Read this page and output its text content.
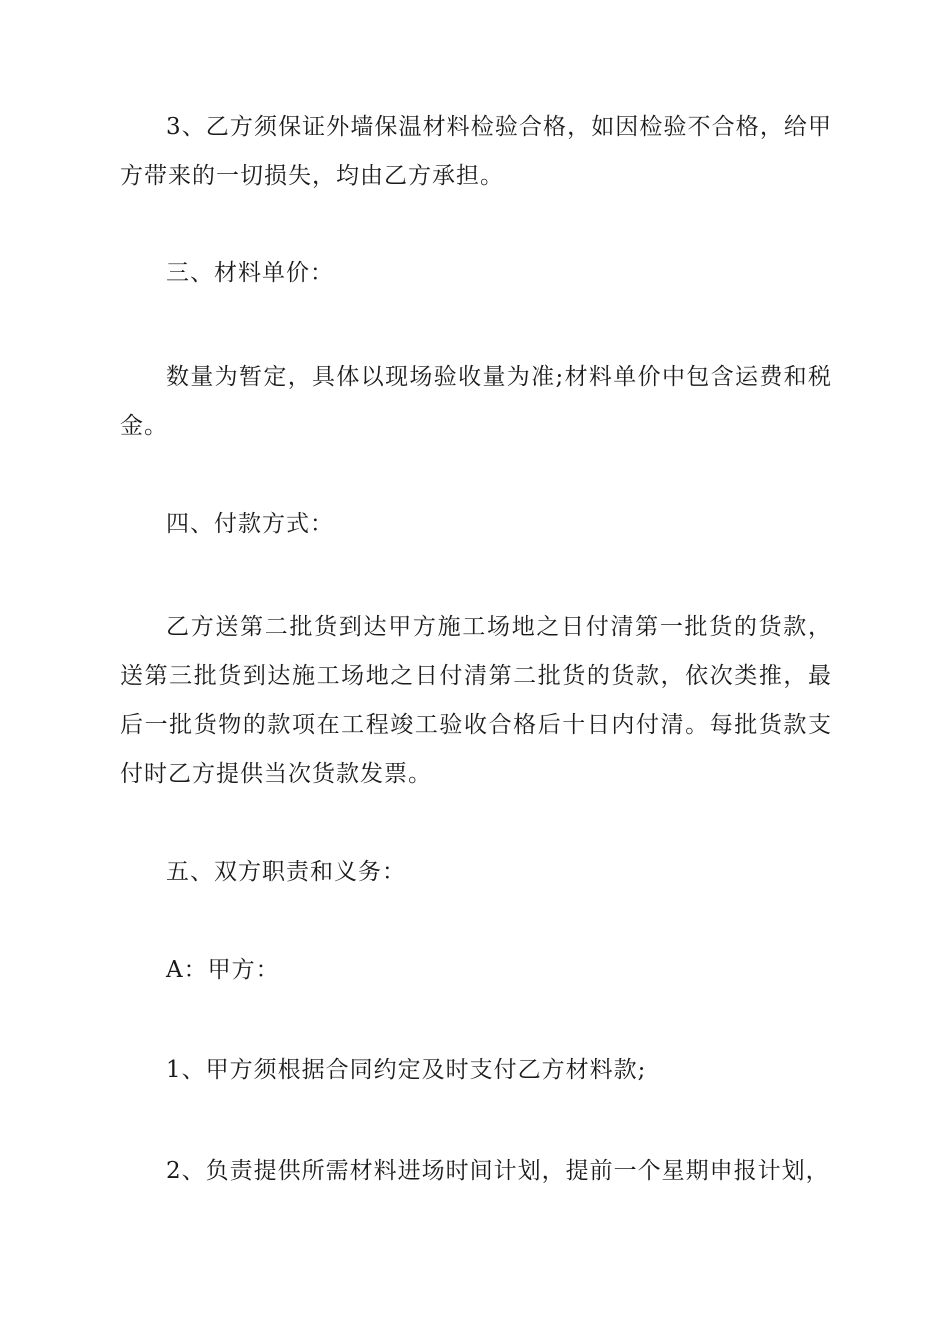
3、乙方须保证外墙保温材料检验合格，如因检验不合格，给甲方带来的一切损失，均由乙方承担。

三、材料单价：

数量为暂定，具体以现场验收量为准;材料单价中包含运费和税金。

四、付款方式：

乙方送第二批货到达甲方施工场地之日付清第一批货的货款，送第三批货到达施工场地之日付清第二批货的货款，依次类推，最后一批货物的款项在工程竣工验收合格后十日内付清。每批货款支付时乙方提供当次货款发票。

五、双方职责和义务：

A：甲方：

1、甲方须根据合同约定及时支付乙方材料款;

2、负责提供所需材料进场时间计划，提前一个星期申报计划，
